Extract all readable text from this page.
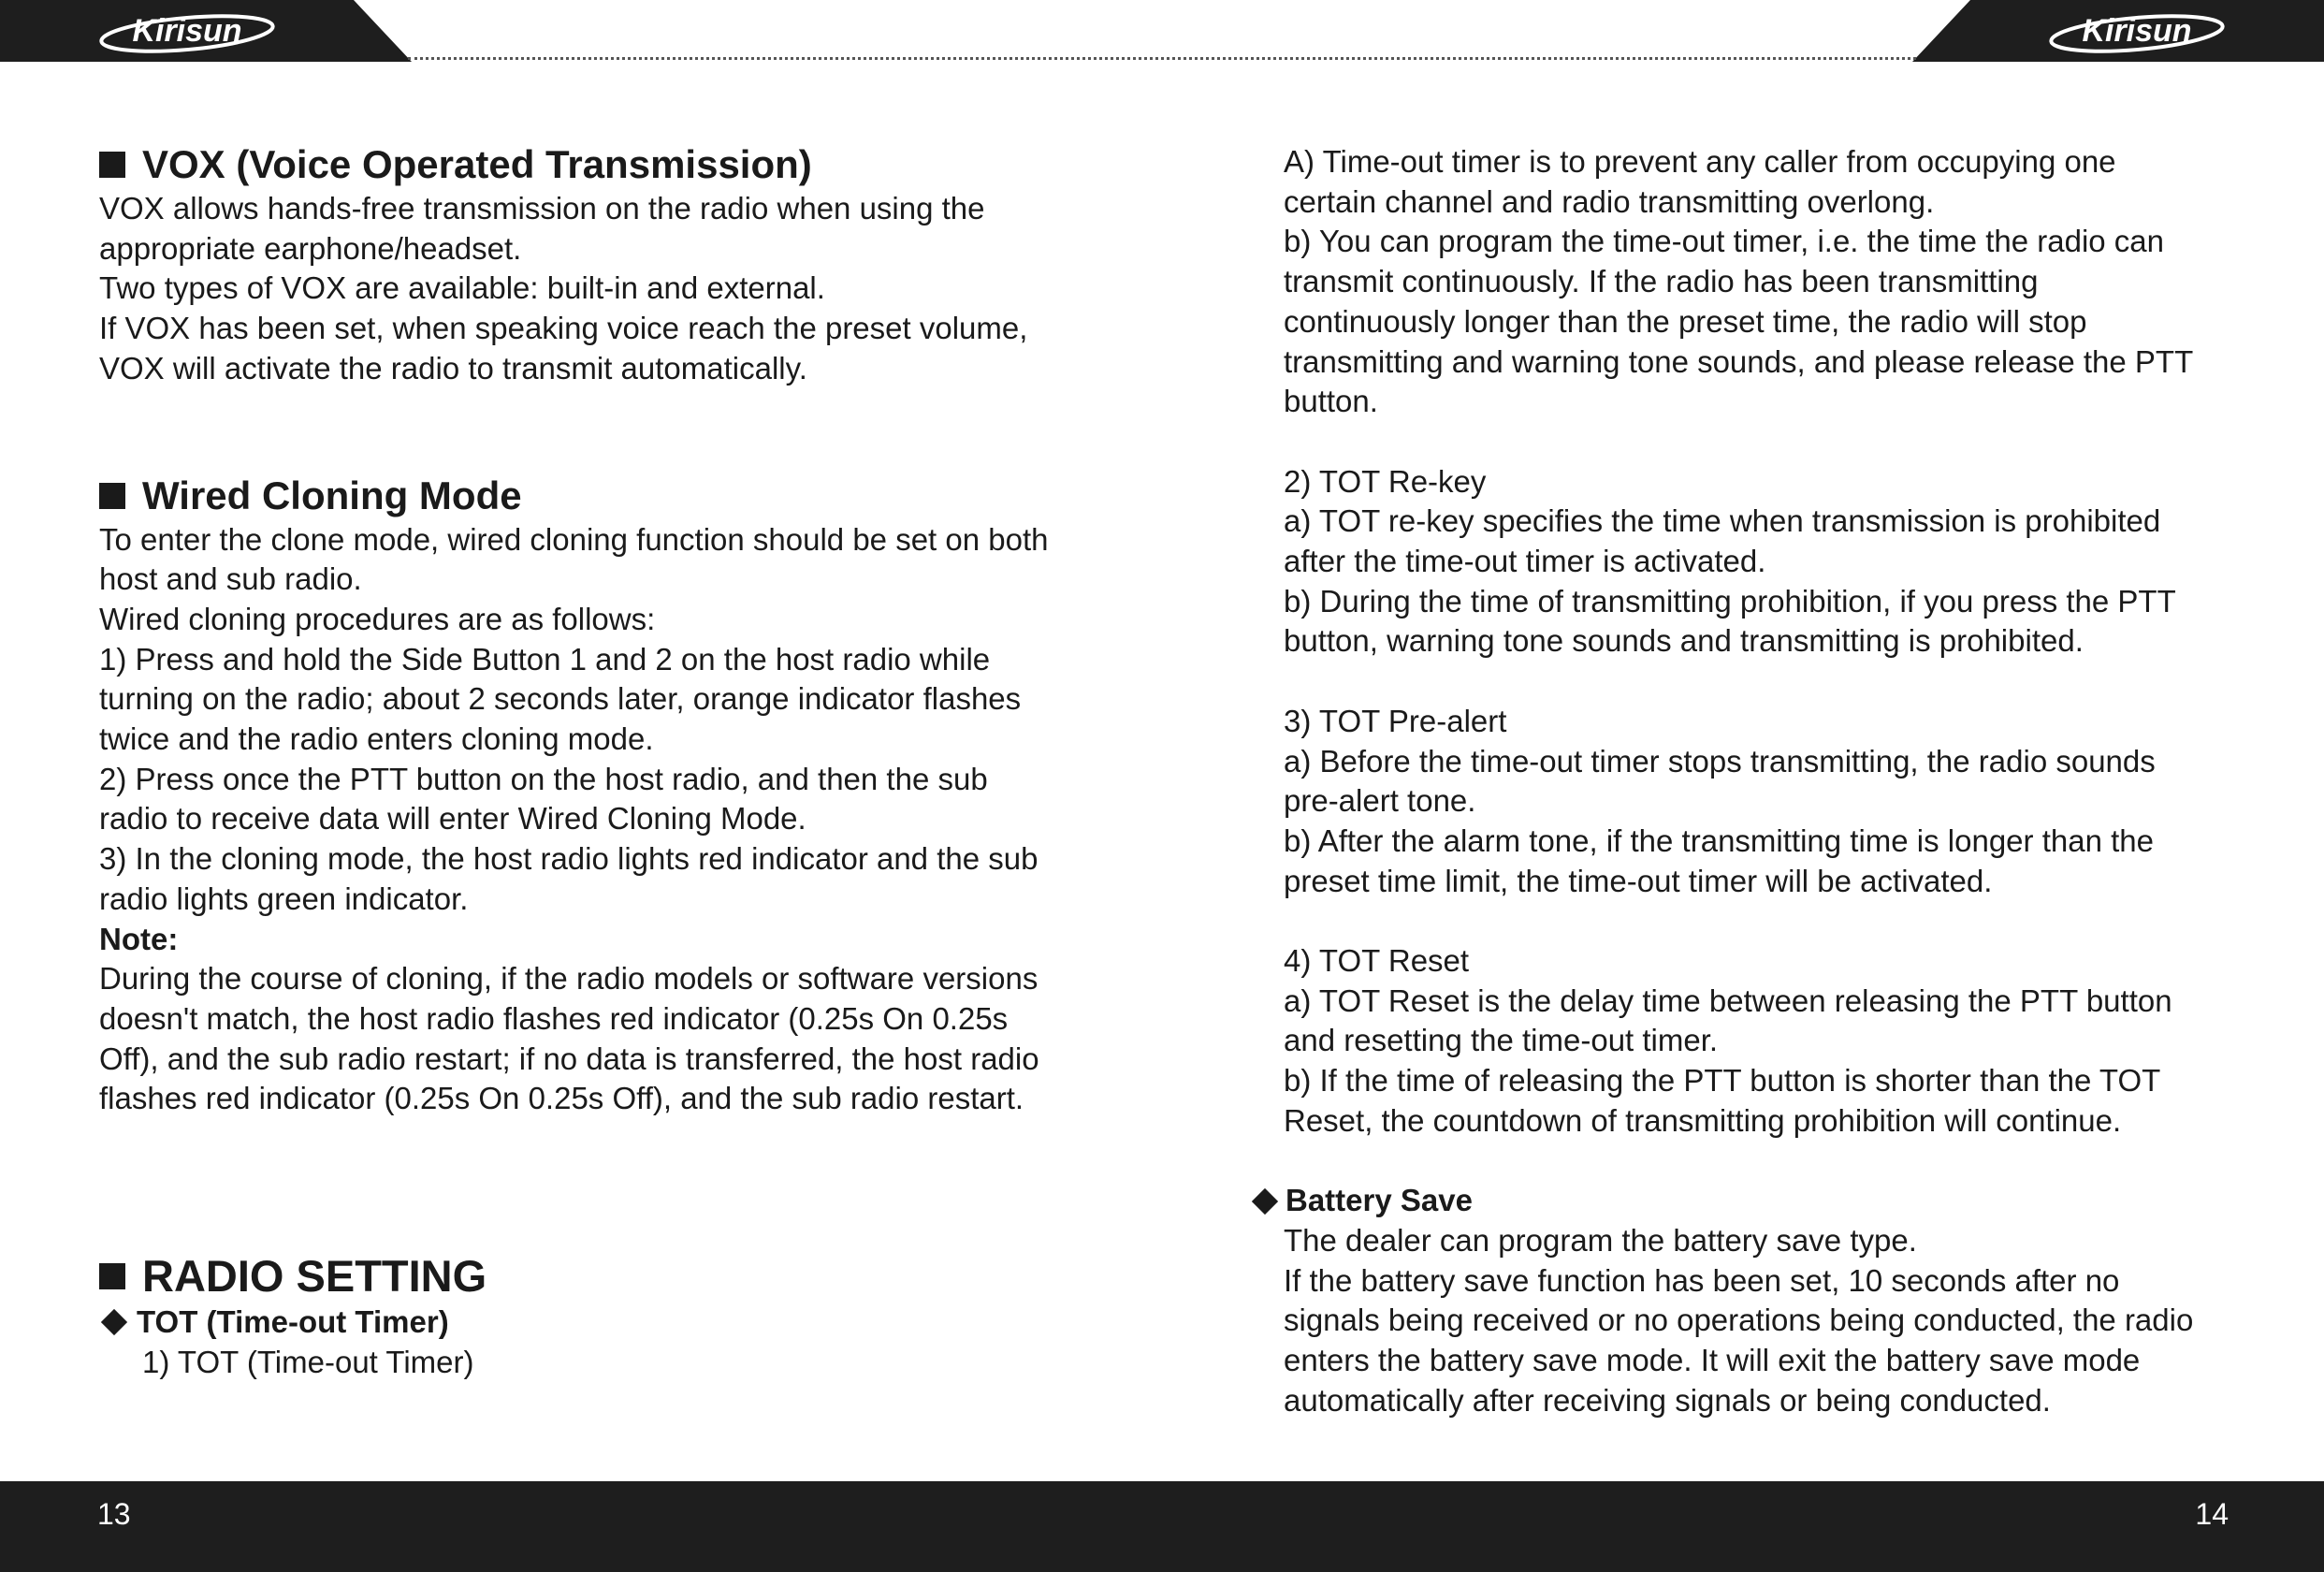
Kirisun	Kirisun
VOX (Voice Operated Transmission)

VOX allows hands-free transmission on the radio when using the

appropriate earphone/headset.

Two types of VOX are available: built-in and external.

If VOX has been set, when speaking voice reach the preset volume,

VOX will activate the radio to transmit automatically.

Wired Cloning Mode

To enter the clone mode, wired cloning function should be set on both

host and sub radio.

Wired cloning procedures are as follows:

1) Press and hold the Side Button 1 and 2 on the host radio while

turning on the radio; about 2 seconds later, orange indicator flashes

twice and the radio enters cloning mode.

2) Press once the PTT button on the host radio, and then the sub

radio to receive data will enter Wired Cloning Mode.

3) In the cloning mode, the host radio lights red indicator and the sub

radio lights green indicator.

Note:

During the course of cloning, if the radio models or software versions

doesn't match, the host radio flashes red indicator (0.25s On 0.25s

Off), and the sub radio restart; if no data is transferred, the host radio

flashes red indicator (0.25s On 0.25s Off), and the sub radio restart.

RADIO SETTING

TOT (Time-out Timer)

1) TOT (Time-out Timer)

A) Time-out timer is to prevent any caller from occupying one

certain channel and radio transmitting overlong.

b) You can program the time-out timer, i.e. the time the radio can

transmit continuously. If the radio has been transmitting

continuously longer than the preset time, the radio will stop

transmitting and warning tone sounds, and please release the PTT

button.

2) TOT Re-key

a) TOT re-key specifies the time when transmission is prohibited

after the time-out timer is activated.

b) During the time of transmitting prohibition, if you press the PTT

button, warning tone sounds and transmitting is prohibited.

3) TOT Pre-alert

a) Before the time-out timer stops transmitting, the radio sounds

pre-alert tone.

b) After the alarm tone, if the transmitting time is longer than the

preset time limit, the time-out timer will be activated.

4) TOT Reset

a) TOT Reset is the delay time between releasing the PTT button

and resetting the time-out timer.

b) If the time of releasing the PTT button is shorter than the TOT

Reset, the countdown of transmitting prohibition will continue.

Battery Save

The dealer can program the battery save type.

If the battery save function has been set, 10 seconds after no

signals being received or no operations being conducted, the radio

enters the battery save mode. It will exit the battery save mode

automatically after receiving signals or being conducted.

13	14
